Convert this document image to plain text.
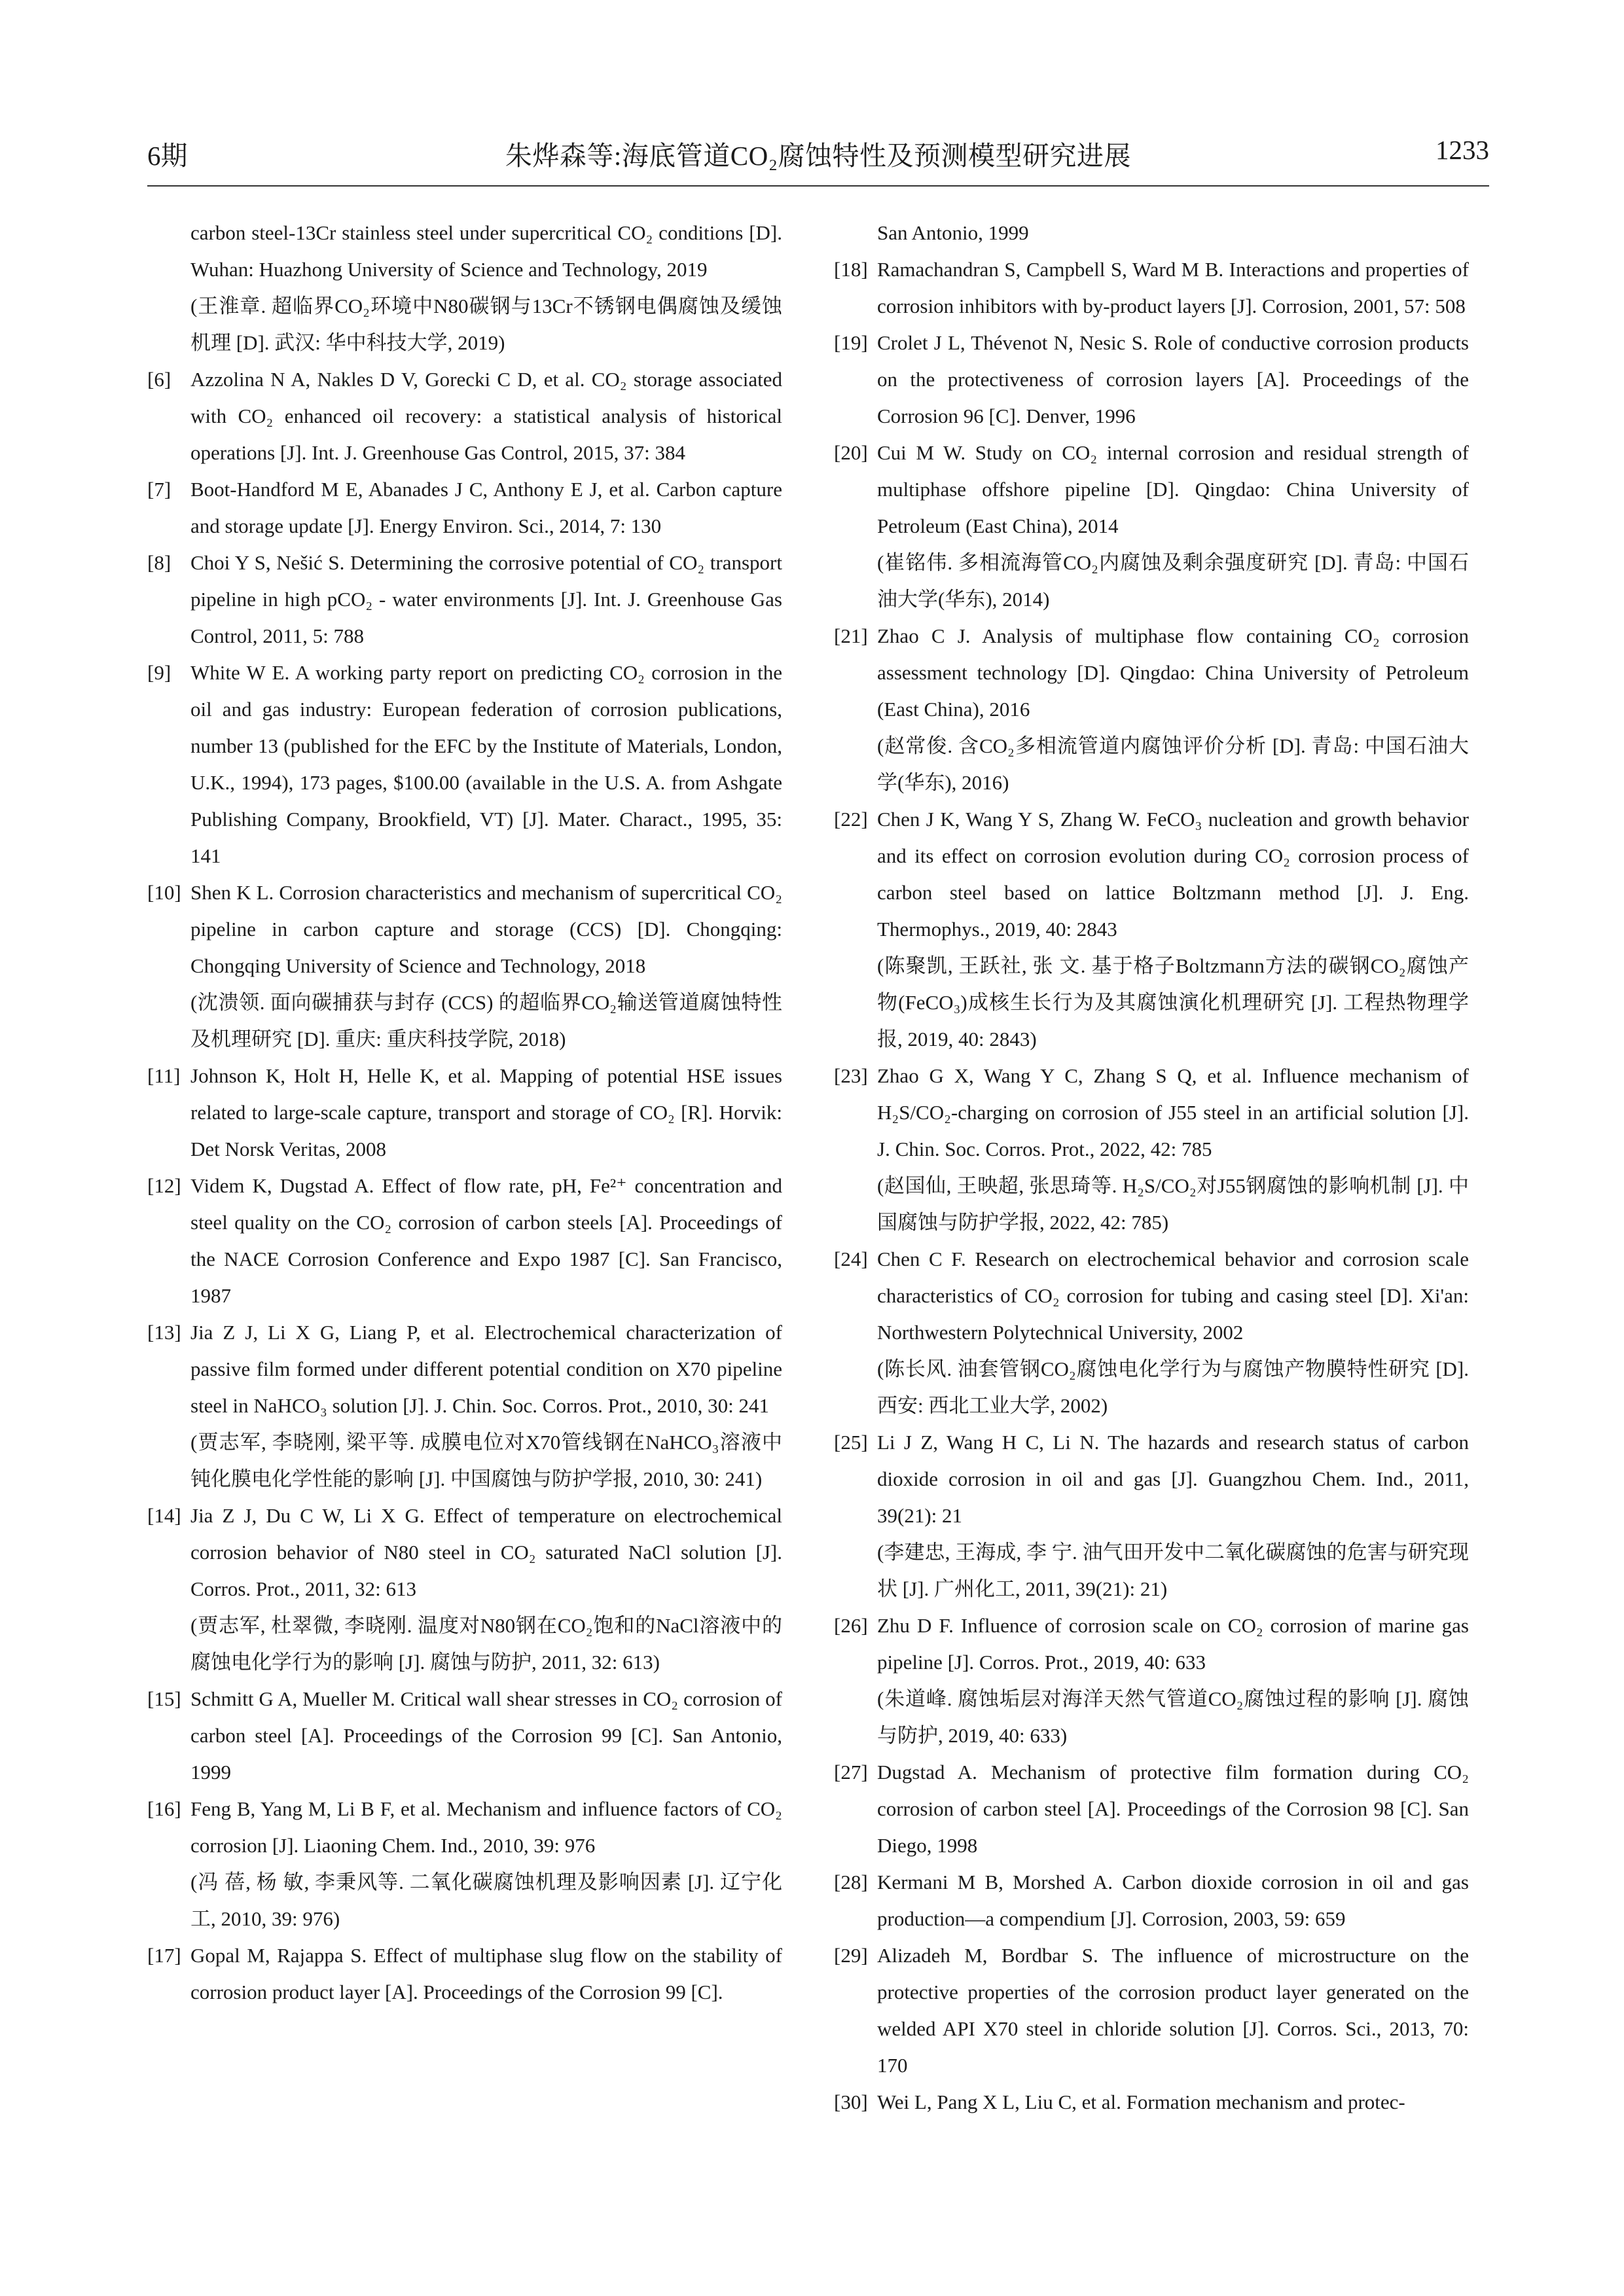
6期	朱烨森等:海底管道CO₂腐蚀特性及预测模型研究进展	1233

carbon steel-13Cr stainless steel under supercritical CO₂ conditions [D]. Wuhan: Huazhong University of Science and Technology, 2019

(王淮章. 超临界CO₂环境中N80碳钢与13Cr不锈钢电偶腐蚀及缓蚀机理 [D]. 武汉: 华中科技大学, 2019)

[6] Azzolina N A, Nakles D V, Gorecki C D, et al. CO₂ storage associated with CO₂ enhanced oil recovery: a statistical analysis of historical operations [J]. Int. J. Greenhouse Gas Control, 2015, 37: 384

[7] Boot-Handford M E, Abanades J C, Anthony E J, et al. Carbon capture and storage update [J]. Energy Environ. Sci., 2014, 7: 130

[8] Choi Y S, Nešić S. Determining the corrosive potential of CO₂ transport pipeline in high pCO₂ - water environments [J]. Int. J. Greenhouse Gas Control, 2011, 5: 788

[9] White W E. A working party report on predicting CO₂ corrosion in the oil and gas industry: European federation of corrosion publications, number 13 (published for the EFC by the Institute of Materials, London, U.K., 1994), 173 pages, $100.00 (available in the U.S. A. from Ashgate Publishing Company, Brookfield, VT) [J]. Mater. Charact., 1995, 35: 141

[10] Shen K L. Corrosion characteristics and mechanism of supercritical CO₂ pipeline in carbon capture and storage (CCS) [D]. Chongqing: Chongqing University of Science and Technology, 2018

(沈溃领. 面向碳捕获与封存 (CCS) 的超临界CO₂输送管道腐蚀特性及机理研究 [D]. 重庆: 重庆科技学院, 2018)

[11] Johnson K, Holt H, Helle K, et al. Mapping of potential HSE issues related to large-scale capture, transport and storage of CO₂ [R]. Horvik: Det Norsk Veritas, 2008

[12] Videm K, Dugstad A. Effect of flow rate, pH, Fe²⁺ concentration and steel quality on the CO₂ corrosion of carbon steels [A]. Proceedings of the NACE Corrosion Conference and Expo 1987 [C]. San Francisco, 1987

[13] Jia Z J, Li X G, Liang P, et al. Electrochemical characterization of passive film formed under different potential condition on X70 pipeline steel in NaHCO₃ solution [J]. J. Chin. Soc. Corros. Prot., 2010, 30: 241

(贾志军, 李晓刚, 梁平等. 成膜电位对X70管线钢在NaHCO₃溶液中钝化膜电化学性能的影响 [J]. 中国腐蚀与防护学报, 2010, 30: 241)

[14] Jia Z J, Du C W, Li X G. Effect of temperature on electrochemical corrosion behavior of N80 steel in CO₂ saturated NaCl solution [J]. Corros. Prot., 2011, 32: 613

(贾志军, 杜翠微, 李晓刚. 温度对N80钢在CO₂饱和的NaCl溶液中的腐蚀电化学行为的影响 [J]. 腐蚀与防护, 2011, 32: 613)

[15] Schmitt G A, Mueller M. Critical wall shear stresses in CO₂ corrosion of carbon steel [A]. Proceedings of the Corrosion 99 [C]. San Antonio, 1999

[16] Feng B, Yang M, Li B F, et al. Mechanism and influence factors of CO₂ corrosion [J]. Liaoning Chem. Ind., 2010, 39: 976

(冯 蓓, 杨 敏, 李秉风等. 二氧化碳腐蚀机理及影响因素 [J]. 辽宁化工, 2010, 39: 976)

[17] Gopal M, Rajappa S. Effect of multiphase slug flow on the stability of corrosion product layer [A]. Proceedings of the Corrosion 99 [C].

San Antonio, 1999

[18] Ramachandran S, Campbell S, Ward M B. Interactions and properties of corrosion inhibitors with by-product layers [J]. Corrosion, 2001, 57: 508

[19] Crolet J L, Thévenot N, Nesic S. Role of conductive corrosion products on the protectiveness of corrosion layers [A]. Proceedings of the Corrosion 96 [C]. Denver, 1996

[20] Cui M W. Study on CO₂ internal corrosion and residual strength of multiphase offshore pipeline [D]. Qingdao: China University of Petroleum (East China), 2014

(崔铭伟. 多相流海管CO₂内腐蚀及剩余强度研究 [D]. 青岛: 中国石油大学(华东), 2014)

[21] Zhao C J. Analysis of multiphase flow containing CO₂ corrosion assessment technology [D]. Qingdao: China University of Petroleum (East China), 2016

(赵常俊. 含CO₂多相流管道内腐蚀评价分析 [D]. 青岛: 中国石油大学(华东), 2016)

[22] Chen J K, Wang Y S, Zhang W. FeCO₃ nucleation and growth behavior and its effect on corrosion evolution during CO₂ corrosion process of carbon steel based on lattice Boltzmann method [J]. J. Eng. Thermophys., 2019, 40: 2843

(陈聚凯, 王跃社, 张 文. 基于格子Boltzmann方法的碳钢CO₂腐蚀产物(FeCO₃)成核生长行为及其腐蚀演化机理研究 [J]. 工程热物理学报, 2019, 40: 2843)

[23] Zhao G X, Wang Y C, Zhang S Q, et al. Influence mechanism of H₂S/CO₂-charging on corrosion of J55 steel in an artificial solution [J]. J. Chin. Soc. Corros. Prot., 2022, 42: 785

(赵国仙, 王映超, 张思琦等. H₂S/CO₂对J55钢腐蚀的影响机制 [J]. 中国腐蚀与防护学报, 2022, 42: 785)

[24] Chen C F. Research on electrochemical behavior and corrosion scale characteristics of CO₂ corrosion for tubing and casing steel [D]. Xi'an: Northwestern Polytechnical University, 2002

(陈长风. 油套管钢CO₂腐蚀电化学行为与腐蚀产物膜特性研究 [D]. 西安: 西北工业大学, 2002)

[25] Li J Z, Wang H C, Li N. The hazards and research status of carbon dioxide corrosion in oil and gas [J]. Guangzhou Chem. Ind., 2011, 39(21): 21

(李建忠, 王海成, 李 宁. 油气田开发中二氧化碳腐蚀的危害与研究现状 [J]. 广州化工, 2011, 39(21): 21)

[26] Zhu D F. Influence of corrosion scale on CO₂ corrosion of marine gas pipeline [J]. Corros. Prot., 2019, 40: 633

(朱道峰. 腐蚀垢层对海洋天然气管道CO₂腐蚀过程的影响 [J]. 腐蚀与防护, 2019, 40: 633)

[27] Dugstad A. Mechanism of protective film formation during CO₂ corrosion of carbon steel [A]. Proceedings of the Corrosion 98 [C]. San Diego, 1998

[28] Kermani M B, Morshed A. Carbon dioxide corrosion in oil and gas production—a compendium [J]. Corrosion, 2003, 59: 659

[29] Alizadeh M, Bordbar S. The influence of microstructure on the protective properties of the corrosion product layer generated on the welded API X70 steel in chloride solution [J]. Corros. Sci., 2013, 70: 170

[30] Wei L, Pang X L, Liu C, et al. Formation mechanism and protec-
